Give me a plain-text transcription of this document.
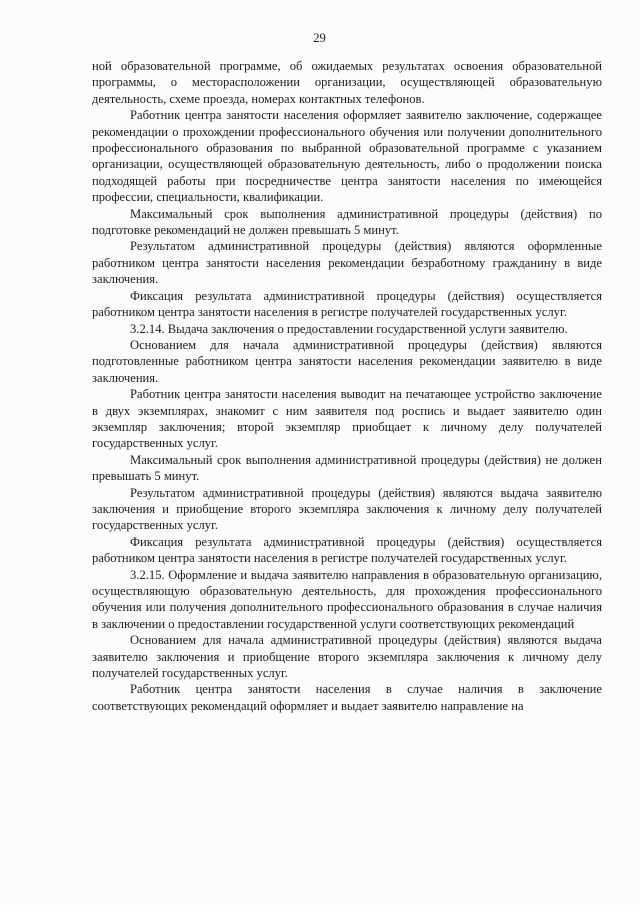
29

ной образовательной программе, об ожидаемых результатах освоения образовательной программы, о месторасположении организации, осуществляющей образовательную деятельность, схеме проезда, номерах контактных телефонов.

Работник центра занятости населения оформляет заявителю заключение, содержащее рекомендации о прохождении профессионального обучения или получении дополнительного профессионального образования по выбранной образовательной программе с указанием организации, осуществляющей образовательную деятельность, либо о продолжении поиска подходящей работы при посредничестве центра занятости населения по имеющейся профессии, специальности, квалификации.

Максимальный срок выполнения административной процедуры (действия) по подготовке рекомендаций не должен превышать 5 минут.

Результатом административной процедуры (действия) являются оформленные работником центра занятости населения рекомендации безработному гражданину в виде заключения.

Фиксация результата административной процедуры (действия) осуществляется работником центра занятости населения в регистре получателей государственных услуг.

3.2.14. Выдача заключения о предоставлении государственной услуги заявителю.

Основанием для начала административной процедуры (действия) являются подготовленные работником центра занятости населения рекомендации заявителю в виде заключения.

Работник центра занятости населения выводит на печатающее устройство заключение в двух экземплярах, знакомит с ним заявителя под роспись и выдает заявителю один экземпляр заключения; второй экземпляр приобщает к личному делу получателей государственных услуг.

Максимальный срок выполнения административной процедуры (действия) не должен превышать 5 минут.

Результатом административной процедуры (действия) являются выдача заявителю заключения и приобщение второго экземпляра заключения к личному делу получателей государственных услуг.

Фиксация результата административной процедуры (действия) осуществляется работником центра занятости населения в регистре получателей государственных услуг.

3.2.15. Оформление и выдача заявителю направления в образовательную организацию, осуществляющую образовательную деятельность, для прохождения профессионального обучения или получения дополнительного профессионального образования в случае наличия в заключении о предоставлении государственной услуги соответствующих рекомендаций

Основанием для начала административной процедуры (действия) являются выдача заявителю заключения и приобщение второго экземпляра заключения к личному делу получателей государственных услуг.

Работник центра занятости населения в случае наличия в заключение соответствующих рекомендаций оформляет и выдает заявителю направление на
